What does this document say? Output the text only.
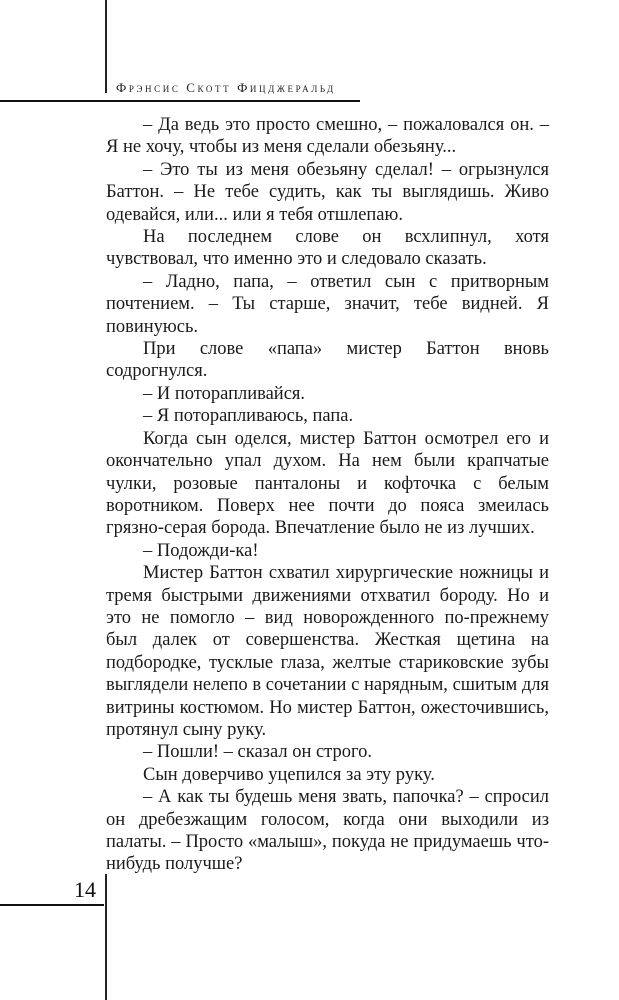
Фрэнсис Скотт Фицджеральд

– Да ведь это просто смешно, – пожаловался он. – Я не хочу, чтобы из меня сделали обезьяну...

– Это ты из меня обезьяну сделал! – огрызнулся Баттон. – Не тебе судить, как ты выглядишь. Живо одевайся, или... или я тебя отшлепаю.

На последнем слове он всхлипнул, хотя чувствовал, что именно это и следовало сказать.

– Ладно, папа, – ответил сын с притворным почтением. – Ты старше, значит, тебе видней. Я повинуюсь.

При слове «папа» мистер Баттон вновь содрогнулся.

– И поторапливайся.

– Я поторапливаюсь, папа.

Когда сын оделся, мистер Баттон осмотрел его и окончательно упал духом. На нем были крапчатые чулки, розовые панталоны и кофточка с белым воротником. Поверх нее почти до пояса змеилась грязно-серая борода. Впечатление было не из лучших.

– Подожди-ка!

Мистер Баттон схватил хирургические ножницы и тремя быстрыми движениями отхватил бороду. Но и это не помогло – вид новорожденного по-прежнему был далек от совершенства. Жесткая щетина на подбородке, тусклые глаза, желтые стариковские зубы выглядели нелепо в сочетании с нарядным, сшитым для витрины костюмом. Но мистер Баттон, ожесточившись, протянул сыну руку.

– Пошли! – сказал он строго.

Сын доверчиво уцепился за эту руку.

– А как ты будешь меня звать, папочка? – спросил он дребезжащим голосом, когда они выходили из палаты. – Просто «малыш», покуда не придумаешь что-нибудь получше?

14
